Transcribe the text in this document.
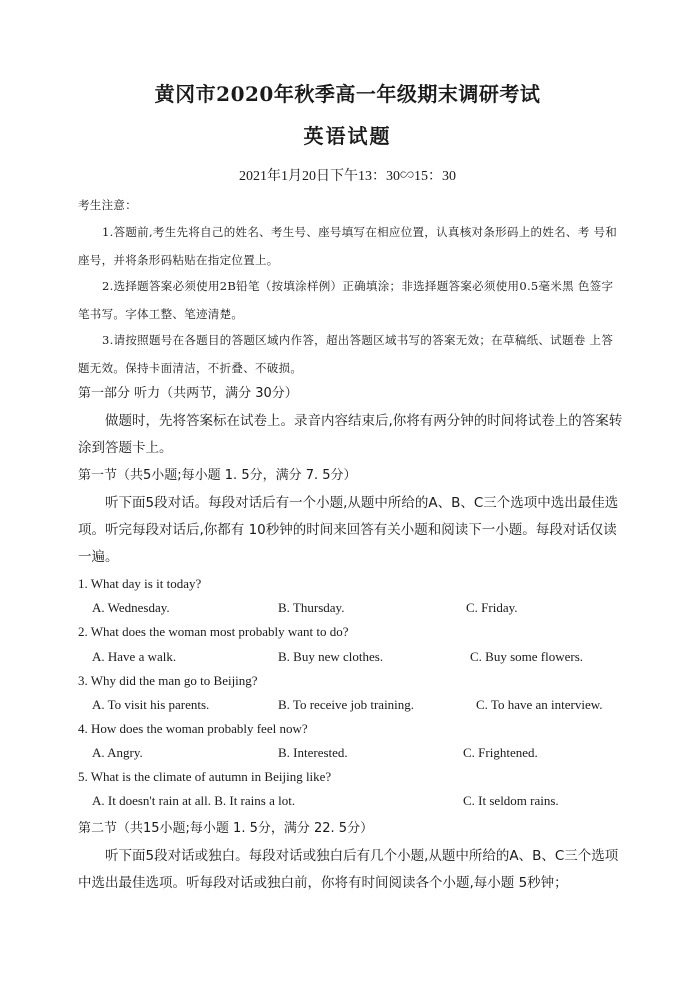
黄冈市2020年秋季高一年级期末调研考试
英语试题
2021年1月20日下午13：30∽15：30
考生注意：
1.答题前,考生先将自己的姓名、考生号、座号填写在相应位置，认真核对条形码上的姓名、考 号和座号，并将条形码粘贴在指定位置上。
2.选择题答案必须使用2B铅笔（按填涂样例）正确填涂；非选择题答案必须使用0.5毫米黑 色签字笔书写。字体工整、笔迹清楚。
3.请按照题号在各题目的答题区域内作答，超出答题区域书写的答案无效；在草稿纸、试题卷 上答题无效。保持卡面清洁，不折叠、不破损。
第一部分 听力（共两节，满分 30分）
做题时，先将答案标在试卷上。录音内容结束后,你将有两分钟的时间将试卷上的答案转 涂到答题卡上。
第一节（共5小题;每小题 1. 5分，满分 7. 5分）
听下面5段对话。每段对话后有一个小题,从题中所给的A、B、C三个选项中选出最佳选项。听完每段对话后,你都有 10秒钟的时间来回答有关小题和阅读下一小题。每段对话仅读一遍。
1. What day is it today?
A. Wednesday.	B. Thursday.	C. Friday.
2. What does the woman most probably want to do?
A. Have a walk.	B. Buy new clothes.	C. Buy some flowers.
3. Why did the man go to Beijing?
A. To visit his parents.	B. To receive job training.	C. To have an interview.
4. How does the woman probably feel now?
A. Angry.	B. Interested.	C. Frightened.
5. What is the climate of autumn in Beijing like?
A. It doesn't rain at all. B. It rains a lot.	C. It seldom rains.
第二节（共15小题;每小题 1. 5分，满分 22. 5分）
听下面5段对话或独白。每段对话或独白后有几个小题,从题中所给的A、B、C三个选项 中选出最佳选项。听每段对话或独白前，你将有时间阅读各个小题,每小题 5秒钟；
